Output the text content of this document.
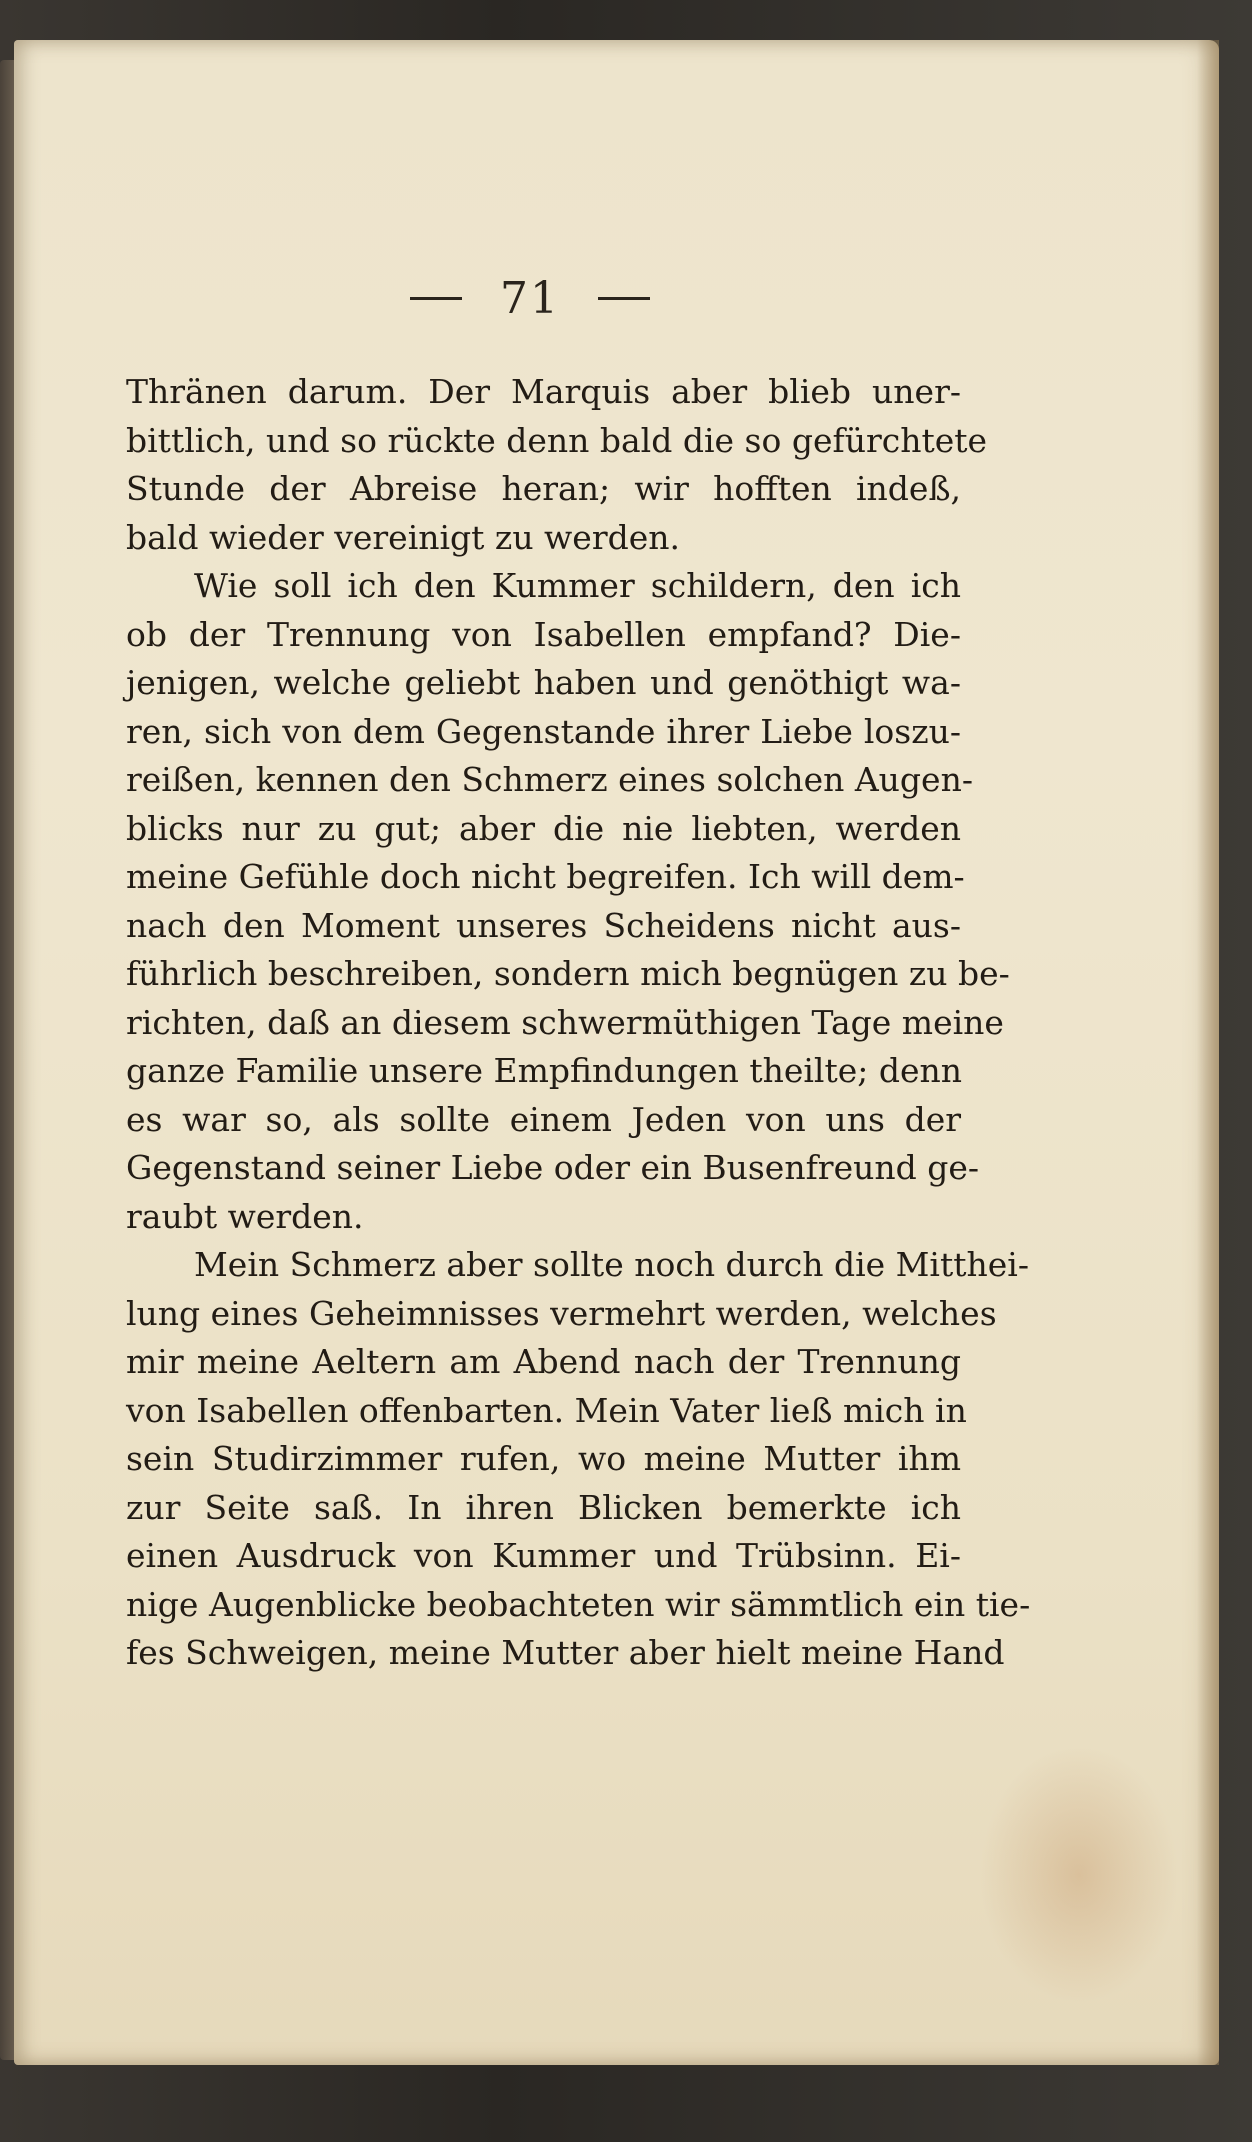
71
Thränen darum. Der Marquis aber blieb uner-
bittlich, und so rückte denn bald die so gefürchtete
Stunde der Abreise heran; wir hofften indeß,
bald wieder vereinigt zu werden.
Wie soll ich den Kummer schildern, den ich
ob der Trennung von Isabellen empfand? Die-
jenigen, welche geliebt haben und genöthigt wa-
ren, sich von dem Gegenstande ihrer Liebe loszu-
reißen, kennen den Schmerz eines solchen Augen-
blicks nur zu gut; aber die nie liebten, werden
meine Gefühle doch nicht begreifen. Ich will dem-
nach den Moment unseres Scheidens nicht aus-
führlich beschreiben, sondern mich begnügen zu be-
richten, daß an diesem schwermüthigen Tage meine
ganze Familie unsere Empfindungen theilte; denn
es war so, als sollte einem Jeden von uns der
Gegenstand seiner Liebe oder ein Busenfreund ge-
raubt werden.
Mein Schmerz aber sollte noch durch die Mitthei-
lung eines Geheimnisses vermehrt werden, welches
mir meine Aeltern am Abend nach der Trennung
von Isabellen offenbarten. Mein Vater ließ mich in
sein Studirzimmer rufen, wo meine Mutter ihm
zur Seite saß. In ihren Blicken bemerkte ich
einen Ausdruck von Kummer und Trübsinn. Ei-
nige Augenblicke beobachteten wir sämmtlich ein tie-
fes Schweigen, meine Mutter aber hielt meine Hand
